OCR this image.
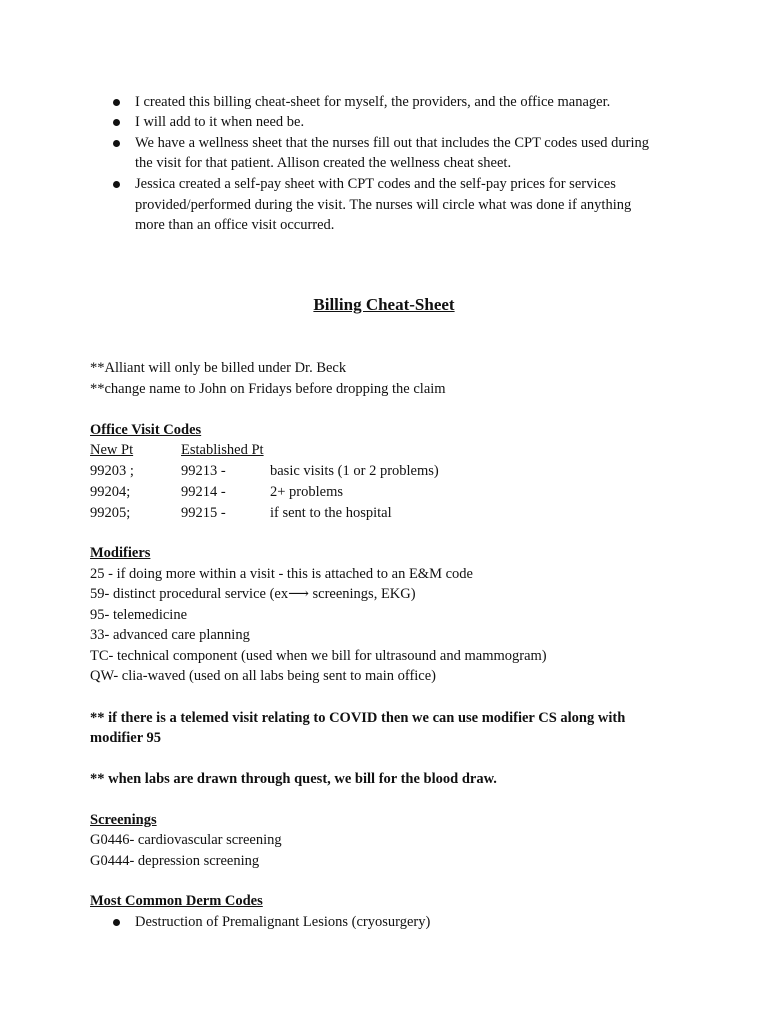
I created this billing cheat-sheet for myself, the providers, and the office manager.
I will add to it when need be.
We have a wellness sheet that the nurses fill out that includes the CPT codes used during
the visit for that patient. Allison created the wellness cheat sheet.
Jessica created a self-pay sheet with CPT codes and the self-pay prices for services
provided/performed during the visit. The nurses will circle what was done if anything
more than an office visit occurred.
Billing Cheat-Sheet
**Alliant will only be billed under Dr. Beck
**change name to John on Fridays before dropping the claim
Office Visit Codes
New Pt	Established Pt
99203 ;	99213 -	basic visits (1 or 2 problems)
99204;	99214 -	2+ problems
99205;	99215 -	if sent to the hospital
Modifiers
25 - if doing more within a visit - this is attached to an E&M code
59- distinct procedural service (ex⟶ screenings, EKG)
95- telemedicine
33- advanced care planning
TC- technical component (used when we bill for ultrasound and mammogram)
QW- clia-waved (used on all labs being sent to main office)
** if there is a telemed visit relating to COVID then we can use modifier CS along with
modifier 95
** when labs are drawn through quest, we bill for the blood draw.
Screenings
G0446- cardiovascular screening
G0444- depression screening
Most Common Derm Codes
Destruction of Premalignant Lesions (cryosurgery)
